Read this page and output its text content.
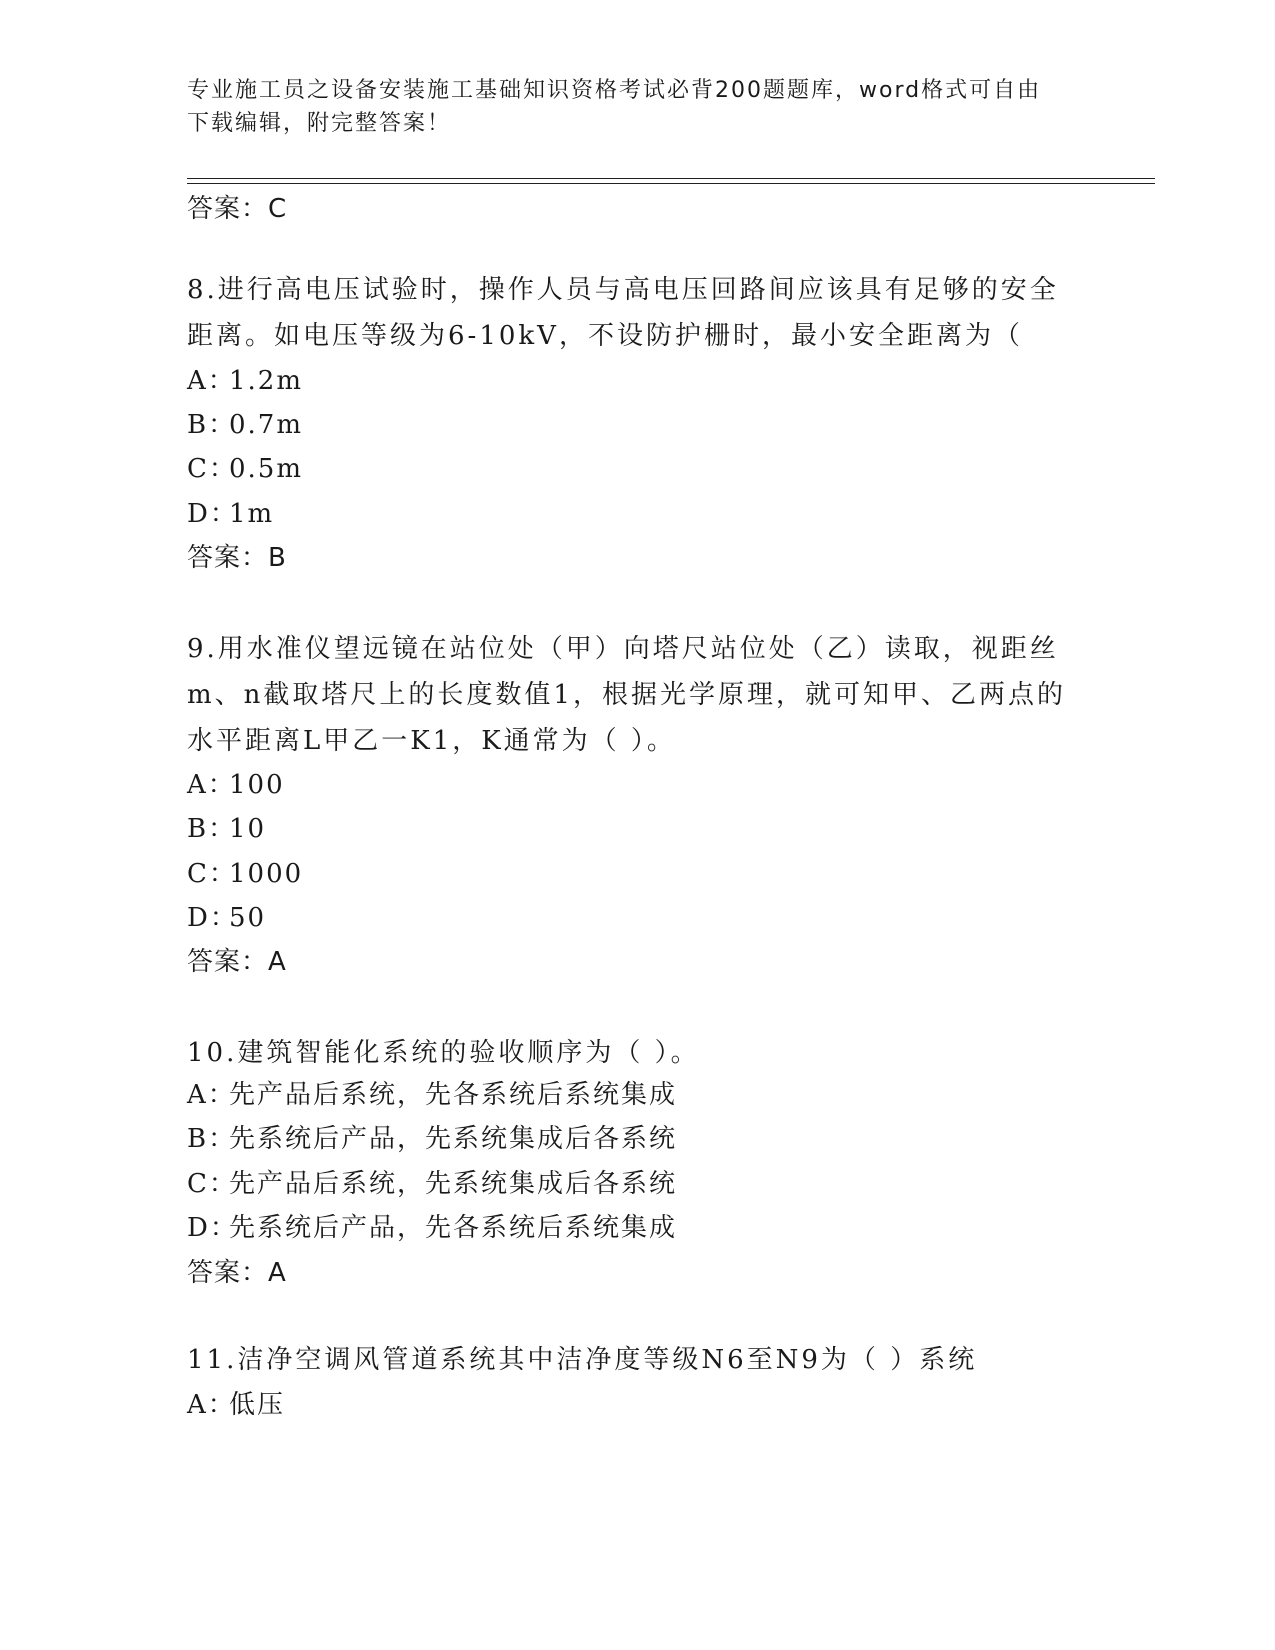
专业施工员之设备安装施工基础知识资格考试必背200题题库，word格式可自由
下载编辑，附完整答案！
答案：C
8.进行高电压试验时，操作人员与高电压回路间应该具有足够的安全距离。如电压等级为6-10kV，不设防护栅时，最小安全距离为（
A：1.2m
B：0.7m
C：0.5m
D：1m
答案：B
9.用水准仪望远镜在站位处（甲）向塔尺站位处（乙）读取，视距丝m、n截取塔尺上的长度数值1，根据光学原理，就可知甲、乙两点的水平距离L甲乙一K1，K通常为（ ）。
A：100
B：10
C：1000
D：50
答案：A
10.建筑智能化系统的验收顺序为（ ）。
A：先产品后系统，先各系统后系统集成
B：先系统后产品，先系统集成后各系统
C：先产品后系统，先系统集成后各系统
D：先系统后产品，先各系统后系统集成
答案：A
11.洁净空调风管道系统其中洁净度等级N6至N9为（ ）系统
A：低压
